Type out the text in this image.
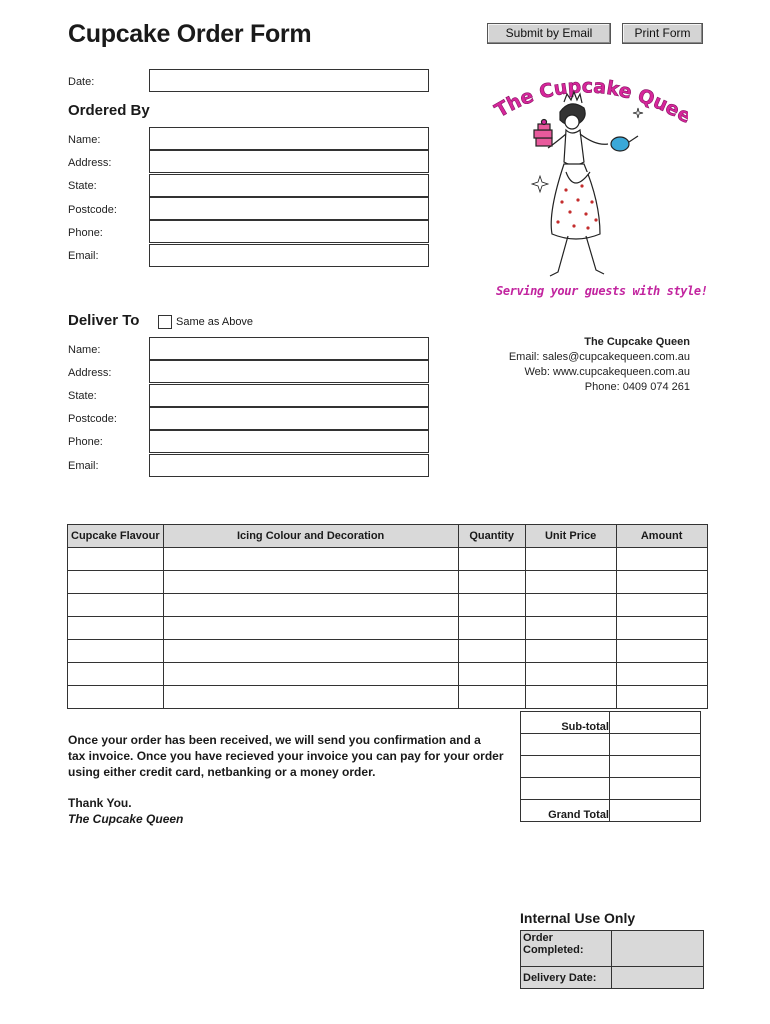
Cupcake Order Form	Submit by Email	Print Form
Date:
Ordered By
Name:
Address:
State:
Postcode:
Phone:
Email:
The Cupcake Que
Serving your guests with style!
Deliver To	Same as Above
Name:
Address:
State:
Postcode:
Phone:
Email:
The Cupcake Queen
Email: sales@cupcakequeen.com.au
Web: www.cupcakequeen.com.au
Phone: 0409 074 261
Cupcake Flavour	Icing Colour and Decoration	Quantity	Unit Price	Amount

Sub-total	

Grand Total	
Once your order has been received, we will send you confirmation and a
tax invoice. Once you have recieved your invoice you can pay for your order
using either credit card, netbanking or a money order.
Thank You.
The Cupcake Queen
Internal Use Only
Order Completed:	
Delivery Date:	
